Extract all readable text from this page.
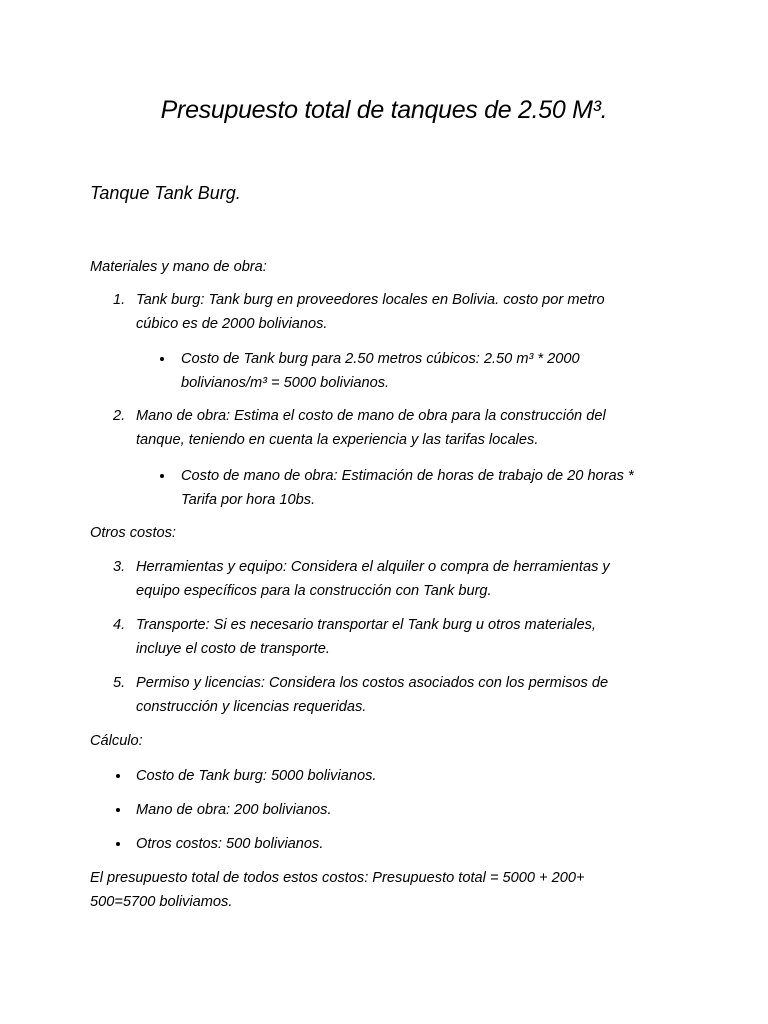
Presupuesto total de tanques de 2.50 M³.
Tanque Tank Burg.
Materiales y mano de obra:
1. Tank burg: Tank burg en proveedores locales en Bolivia. costo por metro
cúbico es de 2000 bolivianos.
Costo de Tank burg para 2.50 metros cúbicos: 2.50 m³ * 2000
bolivianos/m³ = 5000 bolivianos.
2. Mano de obra: Estima el costo de mano de obra para la construcción del
tanque, teniendo en cuenta la experiencia y las tarifas locales.
Costo de mano de obra: Estimación de horas de trabajo de 20 horas *
Tarifa por hora 10bs.
Otros costos:
3. Herramientas y equipo: Considera el alquiler o compra de herramientas y
equipo específicos para la construcción con Tank burg.
4. Transporte: Si es necesario transportar el Tank burg u otros materiales,
incluye el costo de transporte.
5. Permiso y licencias: Considera los costos asociados con los permisos de
construcción y licencias requeridas.
Cálculo:
Costo de Tank burg: 5000 bolivianos.
Mano de obra: 200 bolivianos.
Otros costos: 500 bolivianos.
El presupuesto total de todos estos costos: Presupuesto total = 5000 + 200+
500=5700 boliviamos.
